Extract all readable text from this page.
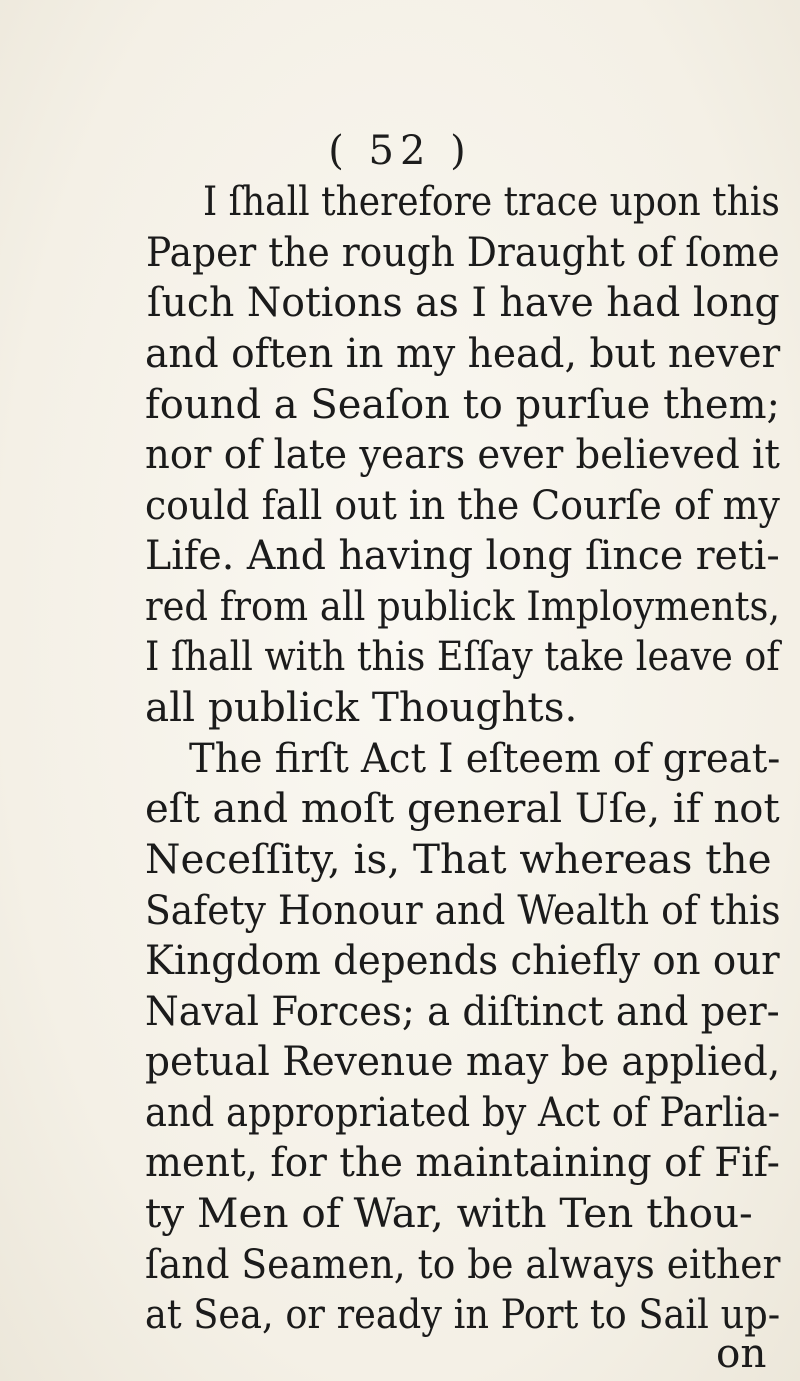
( 52 )
I ſhall therefore trace upon this
Paper the rough Draught of ſome
ſuch Notions as I have had long
and often in my head, but never
found a Seaſon to purſue them;
nor of late years ever believed it
could fall out in the Courſe of my
Life. And having long ſince reti-
red from all publick Imployments,
I ſhall with this Eſſay take leave of
all publick Thoughts.
The firſt Act I eſteem of great-
eſt and moſt general Uſe, if not
Neceſſity, is, That whereas the
Safety Honour and Wealth of this
Kingdom depends chiefly on our
Naval Forces; a diſtinct and per-
petual Revenue may be applied,
and appropriated by Act of Parlia-
ment, for the maintaining of Fif-
ty Men of War, with Ten thou-
ſand Seamen, to be always either
at Sea, or ready in Port to Sail up-
on
